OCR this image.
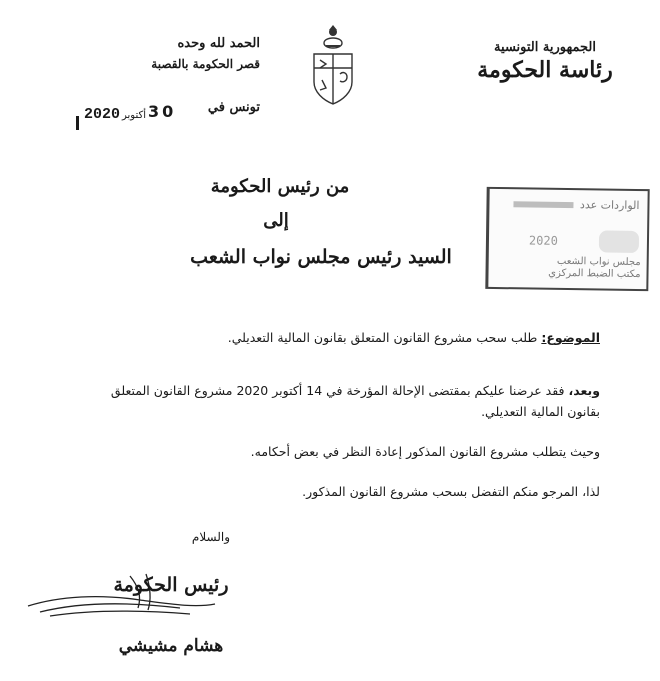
الحمد لله وحده
قصر الحكومة بالقصبة
تونس في
30
أكتوبر
2020
الجمهورية التونسية
رئاسة الحكومة
من رئيس الحكومة
إلى
السيد رئيس مجلس نواب الشعب
الواردات عدد
2020
مجلس نواب الشعب
مكتب الضبط المركزي
الموضوع: طلب سحب مشروع القانون المتعلق بقانون المالية التعديلي.
وبعد، فقد عرضنا عليكم بمقتضى الإحالة المؤرخة في 14 أكتوبر 2020 مشروع القانون المتعلق بقانون المالية التعديلي.
وحيث يتطلب مشروع القانون المذكور إعادة النظر في بعض أحكامه.
لذا، المرجو منكم التفضل بسحب مشروع القانون المذكور.
والسلام
رئيس الحكومة
هشام مشيشي
